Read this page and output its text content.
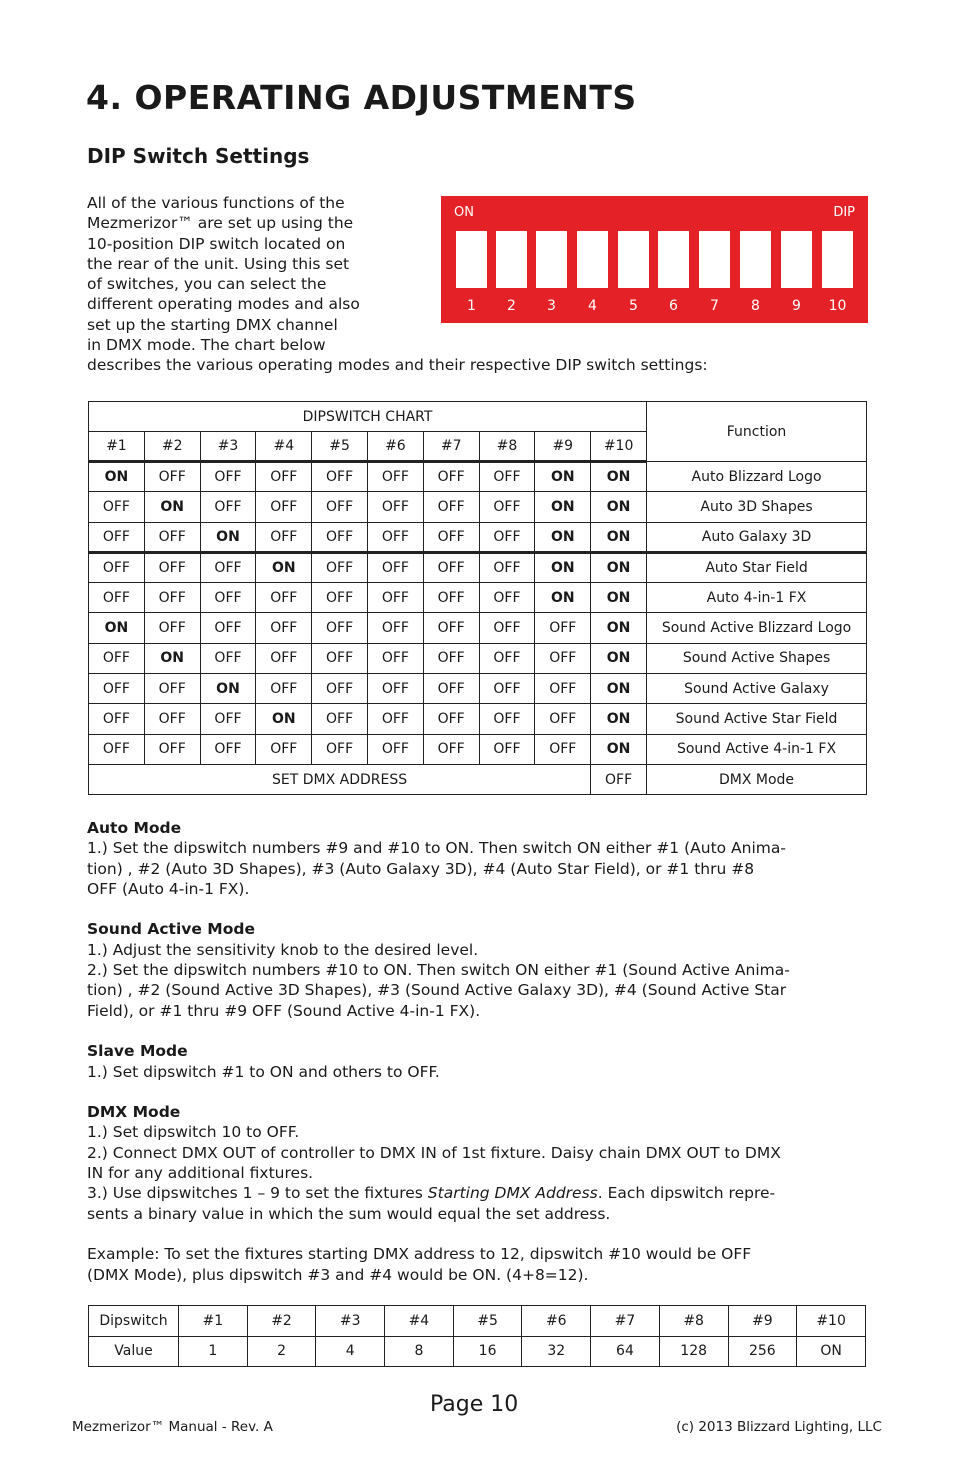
4. OPERATING ADJUSTMENTS
DIP Switch Settings
All of the various functions of the
Mezmerizor™ are set up using the
10-position DIP switch located on
the rear of the unit. Using this set
of switches, you can select the
different operating modes and also
set up the starting DMX channel
in DMX mode. The chart below
describes the various operating modes and their respective DIP switch settings:
ON	DIP
1	2	3	4	5	6	7	8	9	10
DIPSWITCH CHART										Function
#1	#2	#3	#4	#5	#6	#7	#8	#9	#10	
ON	OFF	OFF	OFF	OFF	OFF	OFF	OFF	ON	ON	Auto Blizzard Logo
OFF	ON	OFF	OFF	OFF	OFF	OFF	OFF	ON	ON	Auto 3D Shapes
OFF	OFF	ON	OFF	OFF	OFF	OFF	OFF	ON	ON	Auto Galaxy 3D
OFF	OFF	OFF	ON	OFF	OFF	OFF	OFF	ON	ON	Auto Star Field
OFF	OFF	OFF	OFF	OFF	OFF	OFF	OFF	ON	ON	Auto 4-in-1 FX
ON	OFF	OFF	OFF	OFF	OFF	OFF	OFF	OFF	ON	Sound Active Blizzard Logo
OFF	ON	OFF	OFF	OFF	OFF	OFF	OFF	OFF	ON	Sound Active Shapes
OFF	OFF	ON	OFF	OFF	OFF	OFF	OFF	OFF	ON	Sound Active Galaxy
OFF	OFF	OFF	ON	OFF	OFF	OFF	OFF	OFF	ON	Sound Active Star Field
OFF	OFF	OFF	OFF	OFF	OFF	OFF	OFF	OFF	ON	Sound Active 4-in-1 FX
SET DMX ADDRESS									OFF	DMX Mode
Auto Mode
1.) Set the dipswitch numbers #9 and #10 to ON. Then switch ON either #1 (Auto Anima-
tion) , #2 (Auto 3D Shapes), #3 (Auto Galaxy 3D), #4 (Auto Star Field), or #1 thru #8
OFF (Auto 4-in-1 FX).
Sound Active Mode
1.) Adjust the sensitivity knob to the desired level.
2.) Set the dipswitch numbers #10 to ON. Then switch ON either #1 (Sound Active Anima-
tion) , #2 (Sound Active 3D Shapes), #3 (Sound Active Galaxy 3D), #4 (Sound Active Star
Field), or #1 thru #9 OFF (Sound Active 4-in-1 FX).
Slave Mode
1.) Set dipswitch #1 to ON and others to OFF.
DMX Mode
1.) Set dipswitch 10 to OFF.
2.) Connect DMX OUT of controller to DMX IN of 1st fixture. Daisy chain DMX OUT to DMX
IN for any additional fixtures.
3.) Use dipswitches 1 – 9 to set the fixtures Starting DMX Address. Each dipswitch repre-
sents a binary value in which the sum would equal the set address.
Example: To set the fixtures starting DMX address to 12, dipswitch #10 would be OFF
(DMX Mode), plus dipswitch #3 and #4 would be ON. (4+8=12).
Dipswitch	#1	#2	#3	#4	#5	#6	#7	#8	#9	#10
Value	1	2	4	8	16	32	64	128	256	ON
Page 10
Mezmerizor™ Manual - Rev. A	(c) 2013 Blizzard Lighting, LLC
